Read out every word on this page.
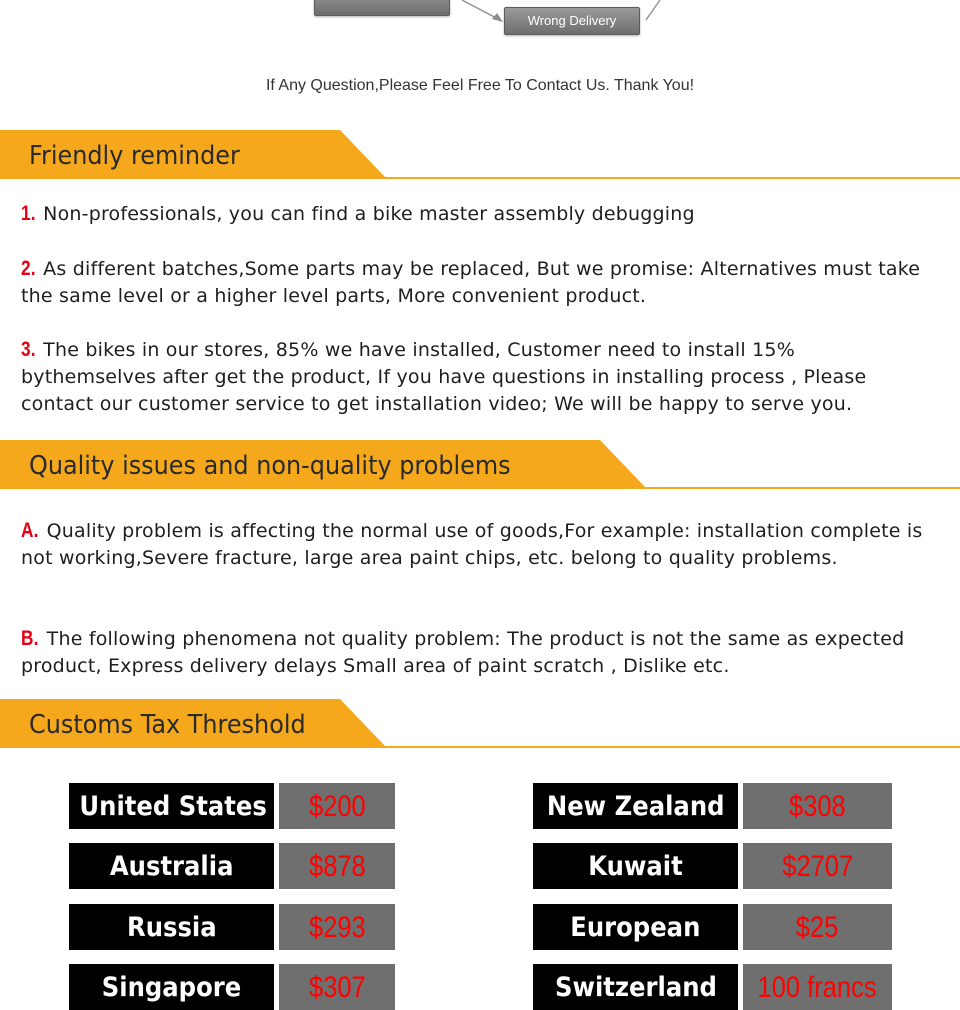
Wrong Delivery
If Any Question,Please Feel Free To Contact Us. Thank You!
Friendly reminder
1. Non-professionals, you can find a bike master assembly debugging
2. As different batches,Some parts may be replaced, But we promise: Alternatives must take the same level or a higher level parts, More convenient product.
3. The bikes in our stores, 85% we have installed, Customer need to install 15% bythemselves after get the product, If you have questions in installing process , Please contact our customer service to get installation video; We will be happy to serve you.
Quality issues and non-quality problems
A. Quality problem is affecting the normal use of goods,For example: installation complete is not working,Severe fracture, large area paint chips, etc. belong to quality problems.
B. The following phenomena not quality problem: The product is not the same as expected product, Express delivery delays Small area of paint scratch , Dislike etc.
Customs Tax Threshold
United States	$200
Australia	$878
Russia	$293
Singapore	$307
New Zealand	$308
Kuwait	$2707
European	$25
Switzerland	100 francs
